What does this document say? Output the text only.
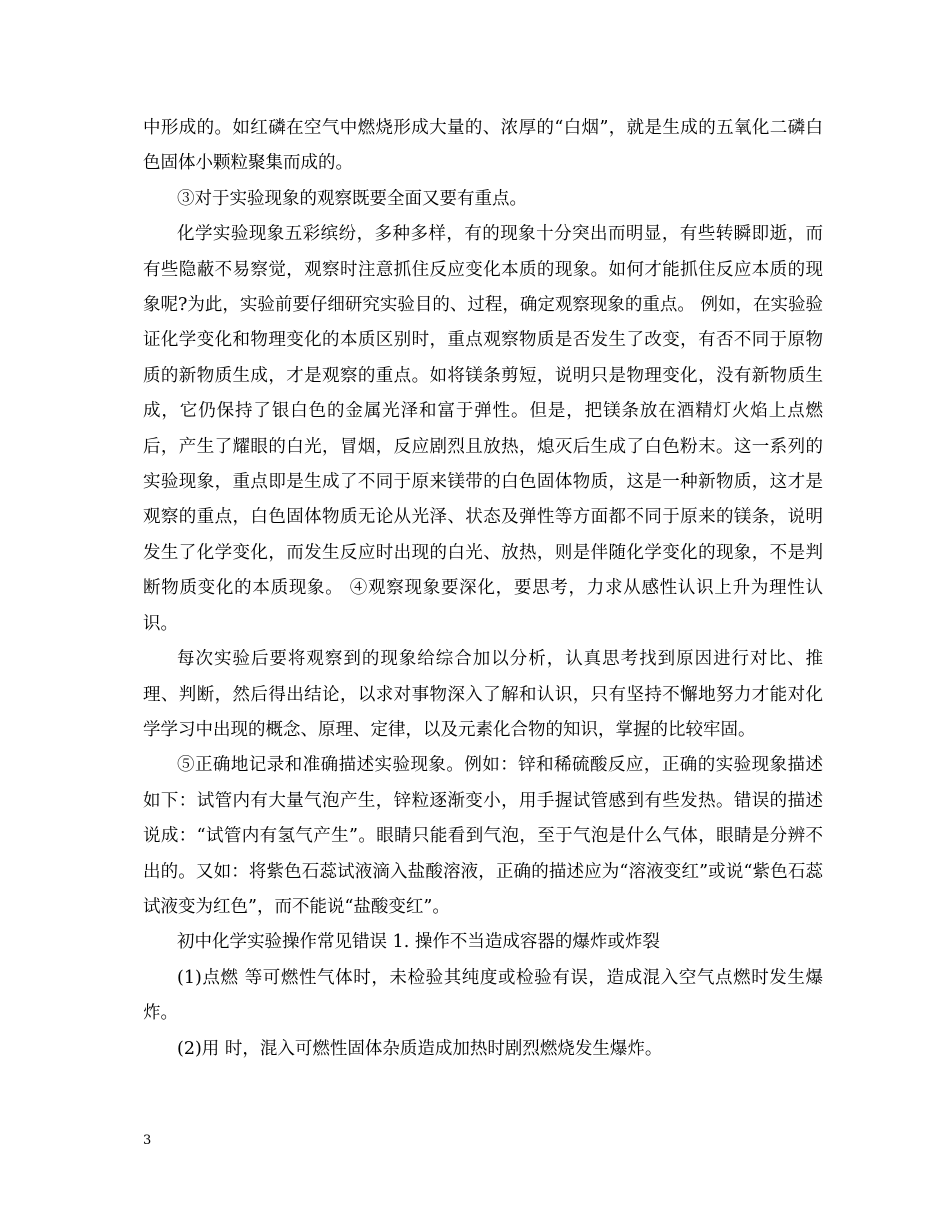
中形成的。如红磷在空气中燃烧形成大量的、浓厚的“白烟”，就是生成的五氧化二磷白色固体小颗粒聚集而成的。

③对于实验现象的观察既要全面又要有重点。

化学实验现象五彩缤纷，多种多样，有的现象十分突出而明显，有些转瞬即逝，而有些隐蔽不易察觉，观察时注意抓住反应变化本质的现象。如何才能抓住反应本质的现象呢?为此，实验前要仔细研究实验目的、过程，确定观察现象的重点。 例如，在实验验证化学变化和物理变化的本质区别时，重点观察物质是否发生了改变，有否不同于原物质的新物质生成，才是观察的重点。如将镁条剪短，说明只是物理变化，没有新物质生成，它仍保持了银白色的金属光泽和富于弹性。但是，把镁条放在酒精灯火焰上点燃后，产生了耀眼的白光，冒烟，反应剧烈且放热，熄灭后生成了白色粉末。这一系列的实验现象，重点即是生成了不同于原来镁带的白色固体物质，这是一种新物质，这才是观察的重点，白色固体物质无论从光泽、状态及弹性等方面都不同于原来的镁条，说明发生了化学变化，而发生反应时出现的白光、放热，则是伴随化学变化的现象，不是判断物质变化的本质现象。 ④观察现象要深化，要思考，力求从感性认识上升为理性认识。

每次实验后要将观察到的现象给综合加以分析，认真思考找到原因进行对比、推理、判断，然后得出结论，以求对事物深入了解和认识，只有坚持不懈地努力才能对化学学习中出现的概念、原理、定律，以及元素化合物的知识，掌握的比较牢固。

⑤正确地记录和准确描述实验现象。例如：锌和稀硫酸反应，正确的实验现象描述如下：试管内有大量气泡产生，锌粒逐渐变小，用手握试管感到有些发热。错误的描述说成：“试管内有氢气产生”。眼睛只能看到气泡，至于气泡是什么气体，眼睛是分辨不出的。又如：将紫色石蕊试液滴入盐酸溶液，正确的描述应为“溶液变红”或说“紫色石蕊试液变为红色”，而不能说“盐酸变红”。

初中化学实验操作常见错误 1. 操作不当造成容器的爆炸或炸裂

(1)点燃 等可燃性气体时，未检验其纯度或检验有误，造成混入空气点燃时发生爆炸。

(2)用 时，混入可燃性固体杂质造成加热时剧烈燃烧发生爆炸。

3
